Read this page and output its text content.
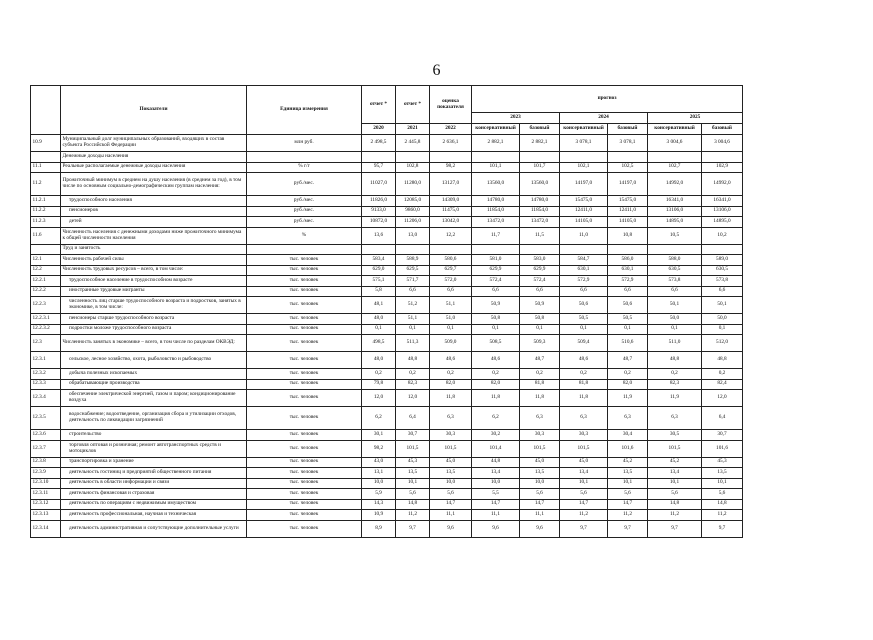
6
	Показатели	Единица измерения	отчет *	отчет *	оценка показателя	прогноз					
						2023		2024		2025	
			2020	2021	2022	консервативный	базовый	консервативный	базовый	консервативный	базовый
10.9	Муниципальный долг муниципальных образований, входящих в состав субъекта Российской Федерации	млн руб.	2 498,5	2 445,8	2 636,1	2 882,1	2 882,1	3 078,1	3 078,1	3 004,6	3 004,6
	Денежные доходы населения										
11.1	Реальные располагаемые денежные доходы населения	% г/г	95,7	102,8	98,2	101,1	101,7	102,1	102,5	102,7	102,9
11.2	Прожиточный минимум в среднем на душу населения (в среднем за год), в том числе по основным социально-демографическим группам населения:	руб./мес.	11027,0	11280,0	13127,0	13560,0	13560,0	14197,0	14197,0	14992,0	14992,0
11.2.1	трудоспособного населения	руб./мес.	11826,0	12085,0	14309,0	14780,0	14780,0	15475,0	15475,0	16341,0	16341,0
11.2.2	пенсионеров	руб./мес.	9133,0	9860,0	11475,0	11854,0	11854,0	12411,0	12411,0	13106,0	13106,0
11.2.3	детей	руб./мес.	10872,0	11206,0	13042,0	13472,0	13472,0	14105,0	14105,0	14895,0	14895,0
11.6	Численность населения с денежными доходами ниже прожиточного минимума к общей численности населения	%	13,6	13,0	12,2	11,7	11,5	11,0	10,8	10,5	10,2
	Труд и занятость										
12.1	Численность рабочей силы	тыс. человек	583,4	588,9	580,6	581,0	583,0	584,7	586,0	588,0	589,0
12.2	Численность трудовых ресурсов – всего, в том числе:	тыс. человек	629,0	629,5	629,7	629,9	629,9	630,1	630,1	630,5	630,5
12.2.1	трудоспособное население в трудоспособном возрасте	тыс. человек	575,1	571,7	572,0	572,4	572,4	572,9	572,9	573,8	573,8
12.2.2	иностранные трудовые мигранты	тыс. человек	5,8	6,6	6,6	6,6	6,6	6,6	6,6	6,6	6,6
12.2.3	численность лиц старше трудоспособного возраста и подростков, занятых в экономике, в том числе:	тыс. человек	48,1	51,2	51,1	50,9	50,9	50,6	50,6	50,1	50,1
12.2.3.1	пенсионеры старше трудоспособного возраста	тыс. человек	48,0	51,1	51,0	50,8	50,8	50,5	50,5	50,0	50,0
12.2.3.2	подростки моложе трудоспособного возраста	тыс. человек	0,1	0,1	0,1	0,1	0,1	0,1	0,1	0,1	0,1
12.3	Численность занятых в экономике – всего, в том числе по разделам ОКВЭД:	тыс. человек	498,5	511,3	509,0	508,5	509,3	509,4	510,6	511,0	512,0
12.3.1	сельское, лесное хозяйство, охота, рыболовство и рыбоводство	тыс. человек	48,0	48,8	48,6	48,6	48,7	48,6	48,7	48,8	48,8
12.3.2	добыча полезных ископаемых	тыс. человек	0,2	0,2	0,2	0,2	0,2	0,2	0,2	0,2	0,2
12.3.3	обрабатывающие производства	тыс. человек	79,8	82,3	82,0	82,0	81,8	81,8	82,0	82,3	82,4
12.3.4	обеспечение электрической энергией, газом и паром; кондиционирование воздуха	тыс. человек	12,0	12,0	11,8	11,8	11,8	11,8	11,9	11,9	12,0
12.3.5	водоснабжение; водоотведение, организация сбора и утилизации отходов, деятельность по ликвидации загрязнений	тыс. человек	6,2	6,4	6,3	6,2	6,3	6,3	6,3	6,3	6,4
12.3.6	строительство	тыс. человек	30,1	30,7	30,3	30,2	30,3	30,3	30,4	30,5	30,7
12.3.7	торговля оптовая и розничная; ремонт автотранспортных средств и мотоциклов	тыс. человек	98,2	101,5	101,5	101,4	101,5	101,5	101,6	101,5	101,6
12.3.8	транспортировка и хранение	тыс. человек	43,0	45,3	45,0	44,8	45,0	45,0	45,2	45,2	45,3
12.3.9	деятельность гостиниц и предприятий общественного питания	тыс. человек	13,1	13,5	13,5	13,4	13,5	13,4	13,5	13,4	13,5
12.3.10	деятельность в области информации и связи	тыс. человек	10,0	10,1	10,0	10,0	10,0	10,1	10,1	10,1	10,1
12.3.11	деятельность финансовая и страховая	тыс. человек	5,9	5,6	5,6	5,5	5,6	5,6	5,6	5,6	5,6
12.3.12	деятельность по операциям с недвижимым имуществом	тыс. человек	14,3	14,8	14,7	14,7	14,7	14,7	14,7	14,8	14,8
12.3.13	деятельность профессиональная, научная и техническая	тыс. человек	10,9	11,2	11,1	11,1	11,1	11,2	11,2	11,2	11,2
12.3.14	деятельность административная и сопутствующие дополнительные услуги	тыс. человек	8,9	9,7	9,6	9,6	9,6	9,7	9,7	9,7	9,7
